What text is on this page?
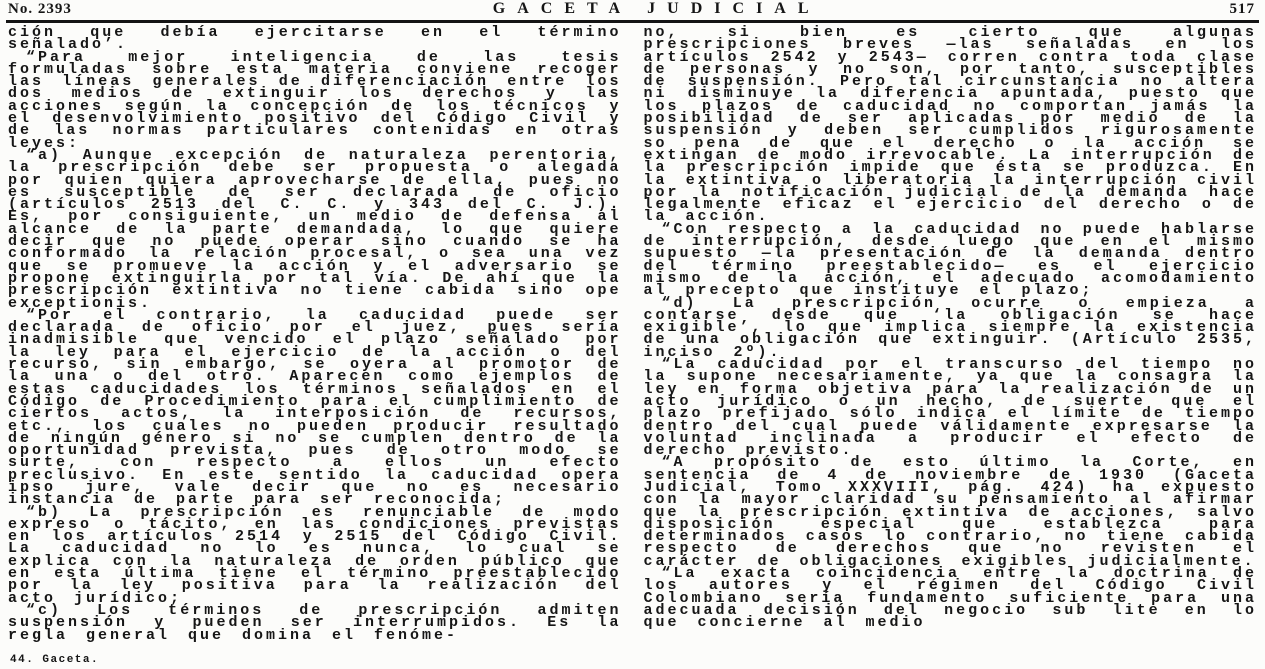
No. 2393	GACETA JUDICIAL	517

ción que debía ejercitarse en el término señalado’.

“Para mejor inteligencia de las tesis formuladas sobre esta materia conviene recoger las líneas generales de diferenciación entre los dos medios de extinguir los derechos y las acciones según la concepción de los técnicos y el desenvolvimiento positivo del Código Civil y de las normas particulares contenidas en otras leyes:

“a) Aunque excepción de naturaleza perentoria, la prescripción debe ser propuesta o alegada por quien quiera aprovecharse de ella, pues no es susceptible de ser declarada de oficio (artículos 2513 del C. C. y 343 del C. J.). Es, por consiguiente, un medio de defensa al alcance de la parte demandada, lo que quiere decir que no puede operar sino cuando se ha conformado la relación procesal, o sea una vez que se promueve la acción y el adversario se propone extinguirla por tal vía. De ahí que la prescripción extintiva no tiene cabida sino ope exceptionis.

“Por el contrario, la caducidad puede ser declarada de oficio por el juez, pues sería inadmisible que vencido el plazo señalado por la ley para el ejercicio de la acción o del recurso, sin embargo, se oyera al promotor de la una o del otro. Aparecen como ejemplos de estas caducidades los términos señalados en el Código de Procedimiento para el cumplimiento de ciertos actos, la interposición de recursos, etc., los cuales no pueden producir resultado de ningún género si no se cumplen dentro de la oportunidad prevista, pues de otro modo se surte, con respecto a ellos un efecto preclusivo. En este sentido la caducidad opera ipso jure, vale decir que no es necesario instancia de parte para ser reconocida;

“b) La prescripción es renunciable de modo expreso o tácito, en las condiciones previstas en los artículos 2514 y 2515 del Código Civil. La caducidad no lo es nunca, lo cual se explica con la naturaleza de orden público que en esta última tiene el término preestablecido por la ley positiva para la realización del acto jurídico;

“c) Los términos de prescripción admiten suspensión y pueden ser interrumpidos. Es la regla general que domina el fenóme-

no, si bien es cierto que algunas prescripciones breves —las señaladas en los artículos 2542 y 2543— corren contra toda clase de personas y no son, por tanto, susceptibles de suspensión. Pero tal circunstancia no altera ni disminuye la diferencia apuntada, puesto que los plazos de caducidad no comportan jamás la posibilidad de ser aplicadas por medio de la suspensión y deben ser cumplidos rigurosamente so pena de que el derecho o la acción se extingan de modo irrevocable. La interrupción de la prescripción impide que ésta se produzca. En la extintiva o liberatoria la interrupción civil por la notificación judicial de la demanda hace legalmente eficaz el ejercicio del derecho o de la acción.

“Con respecto a la caducidad no puede hablarse de interrupción, desde luego que en el mismo supuesto —la presentación de la demanda dentro del término preestablecido— es el ejercicio mismo de la acción, el adecuado acomodamiento al precepto que instituye el plazo;

“d) La prescripción ocurre o empieza a contarse desde que ‘la obligación se hace exigible’, lo que implica siempre la existencia de una obligación que extinguir. (Artículo 2535, inciso 2º).

“La caducidad por el transcurso del tiempo no la supone necesariamente, ya que la consagra la ley en forma objetiva para la realización de un acto jurídico o un hecho, de suerte que el plazo prefijado sólo indica el límite de tiempo dentro del cual puede válidamente expresarse la voluntad inclinada a producir el efecto de derecho previsto.

“A propósito de esto último la Corte, en sentencia de 4 de noviembre de 1930 (Gaceta Judicial, Tomo XXXVIII, pág. 424) ha expuesto con la mayor claridad su pensamiento al afirmar que la prescripción extintiva de acciones, salvo disposición especial que establezca para determinados casos lo contrario, no tiene cabida respecto de derechos que no revisten el carácter de obligaciones exigibles judicialmente.

“La exacta coincidencia entre la doctrina de los autores y el régimen del Código Civil Colombiano sería fundamento suficiente para una adecuada decisión del negocio sub lite en lo que concierne al medio

44. Gaceta.
